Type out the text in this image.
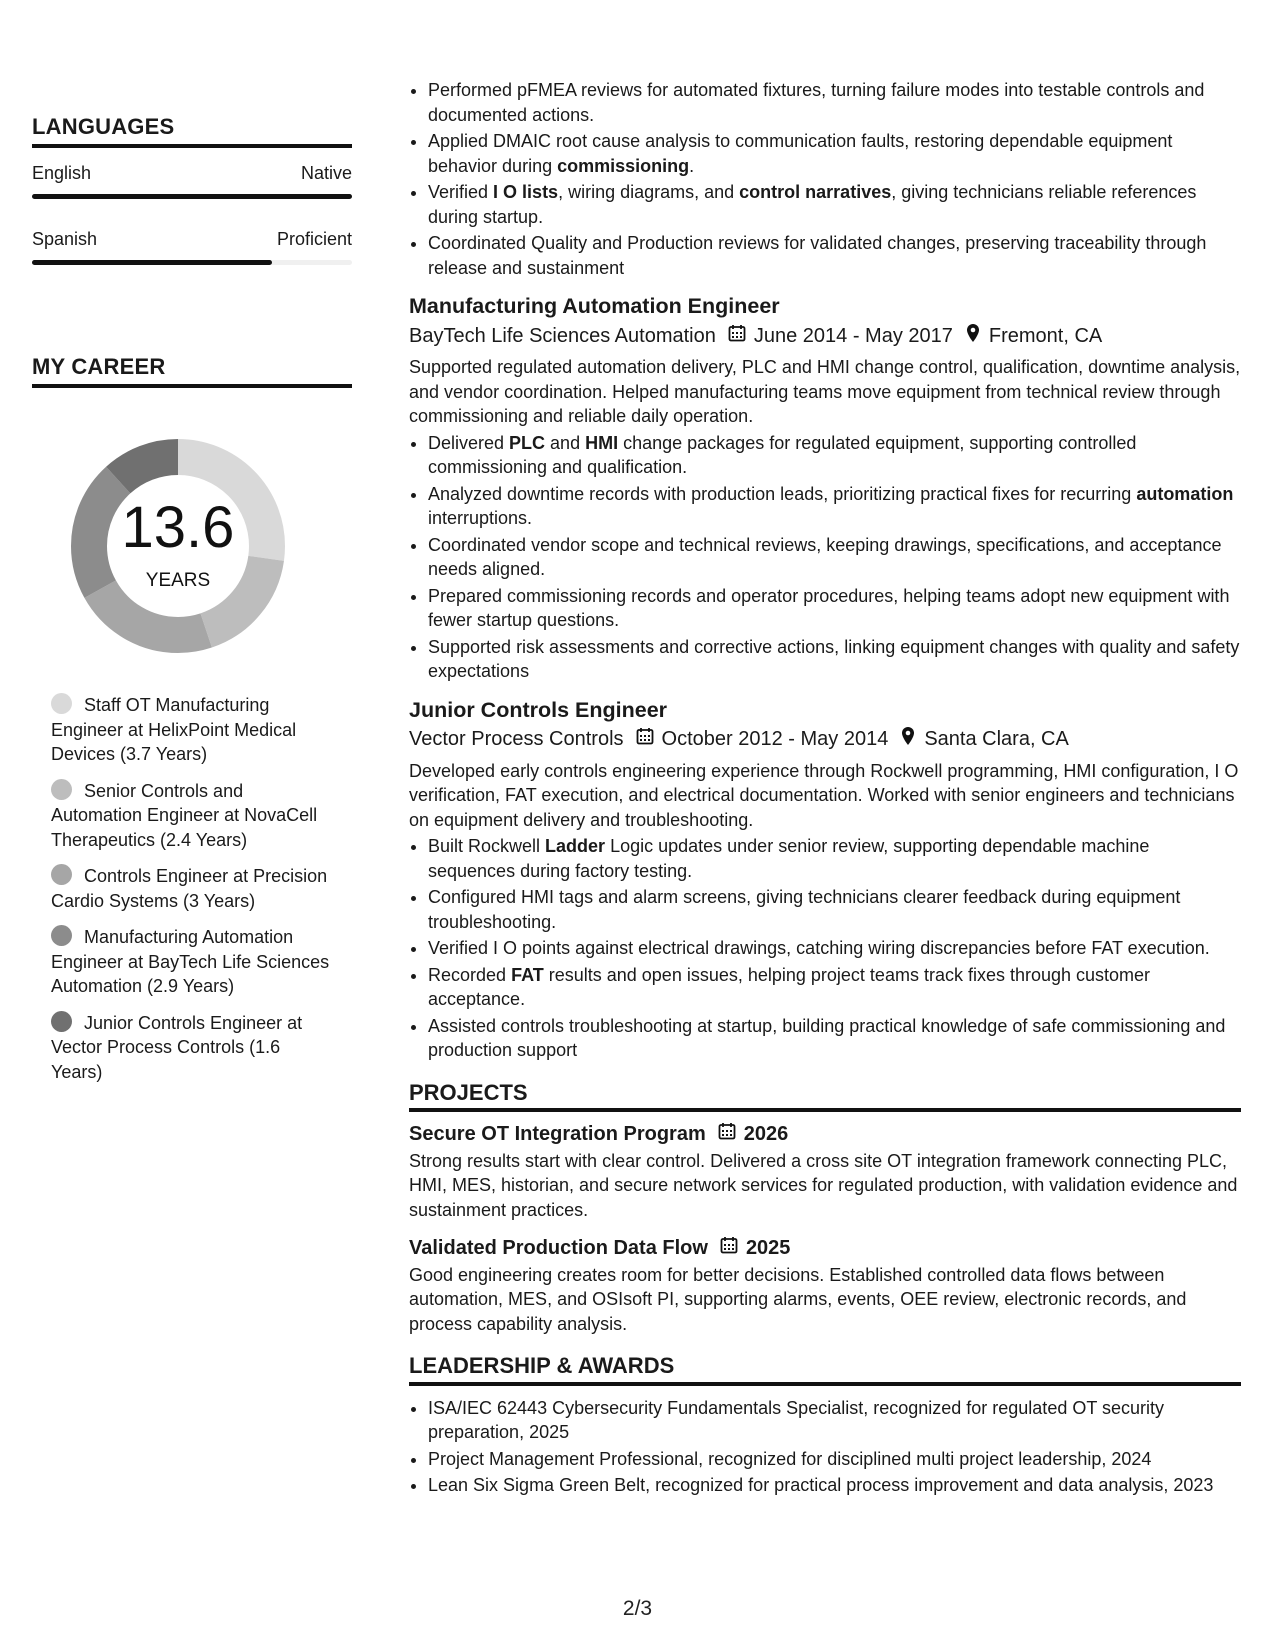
LANGUAGES
English	Native
Spanish	Proficient
MY CAREER
13.6
YEARS
Staff OT Manufacturing Engineer at HelixPoint Medical Devices (3.7 Years)
Senior Controls and Automation Engineer at NovaCell Therapeutics (2.4 Years)
Controls Engineer at Precision Cardio Systems (3 Years)
Manufacturing Automation Engineer at BayTech Life Sciences Automation (2.9 Years)
Junior Controls Engineer at Vector Process Controls (1.6 Years)
• Performed pFMEA reviews for automated fixtures, turning failure modes into testable controls and documented actions.
• Applied DMAIC root cause analysis to communication faults, restoring dependable equipment behavior during commissioning.
• Verified I O lists, wiring diagrams, and control narratives, giving technicians reliable references during startup.
• Coordinated Quality and Production reviews for validated changes, preserving traceability through release and sustainment
Manufacturing Automation Engineer
BayTech Life Sciences Automation June 2014 - May 2017 Fremont, CA

Supported regulated automation delivery, PLC and HMI change control, qualification, downtime analysis, and vendor coordination. Helped manufacturing teams move equipment from technical review through commissioning and reliable daily operation.

• Delivered PLC and HMI change packages for regulated equipment, supporting controlled commissioning and qualification.
• Analyzed downtime records with production leads, prioritizing practical fixes for recurring automation interruptions.
• Coordinated vendor scope and technical reviews, keeping drawings, specifications, and acceptance needs aligned.
• Prepared commissioning records and operator procedures, helping teams adopt new equipment with fewer startup questions.
• Supported risk assessments and corrective actions, linking equipment changes with quality and safety expectations
Junior Controls Engineer
Vector Process Controls October 2012 - May 2014 Santa Clara, CA

Developed early controls engineering experience through Rockwell programming, HMI configuration, I O verification, FAT execution, and electrical documentation. Worked with senior engineers and technicians on equipment delivery and troubleshooting.

• Built Rockwell Ladder Logic updates under senior review, supporting dependable machine sequences during factory testing.
• Configured HMI tags and alarm screens, giving technicians clearer feedback during equipment troubleshooting.
• Verified I O points against electrical drawings, catching wiring discrepancies before FAT execution.
• Recorded FAT results and open issues, helping project teams track fixes through customer acceptance.
• Assisted controls troubleshooting at startup, building practical knowledge of safe commissioning and production support
PROJECTS
Secure OT Integration Program 2026

Strong results start with clear control. Delivered a cross site OT integration framework connecting PLC, HMI, MES, historian, and secure network services for regulated production, with validation evidence and sustainment practices.

Validated Production Data Flow 2025

Good engineering creates room for better decisions. Established controlled data flows between automation, MES, and OSIsoft PI, supporting alarms, events, OEE review, electronic records, and process capability analysis.

LEADERSHIP & AWARDS
• ISA/IEC 62443 Cybersecurity Fundamentals Specialist, recognized for regulated OT security preparation, 2025
• Project Management Professional, recognized for disciplined multi project leadership, 2024
• Lean Six Sigma Green Belt, recognized for practical process improvement and data analysis, 2023
2/3
